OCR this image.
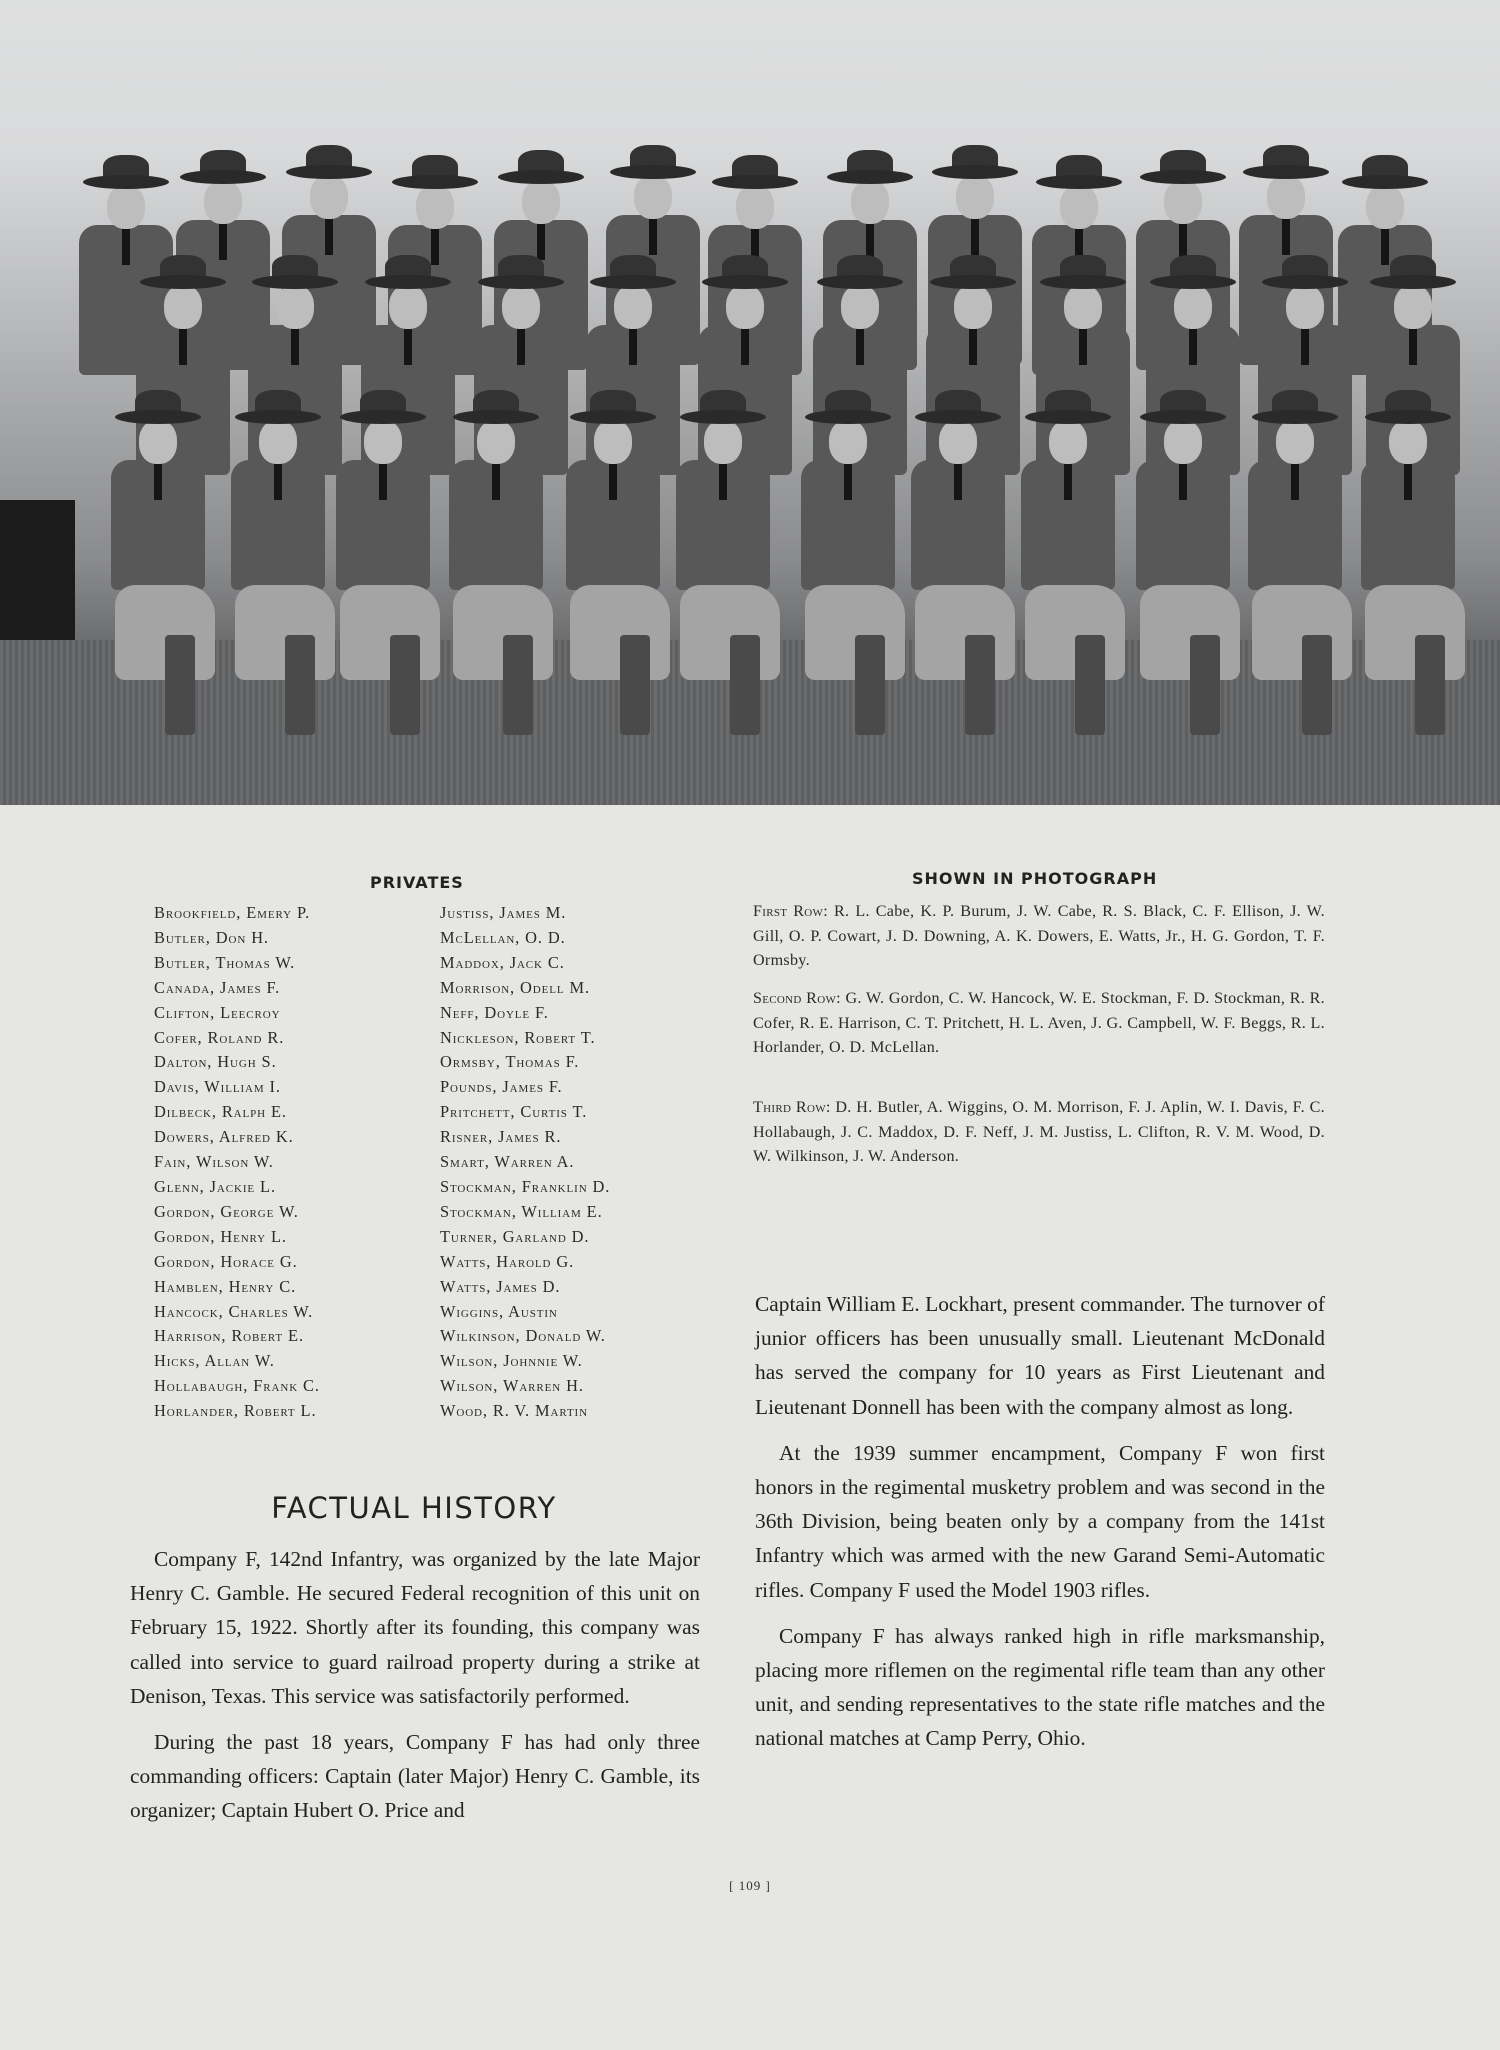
PRIVATES
Brookfield, Emery P.
Butler, Don H.
Butler, Thomas W.
Canada, James F.
Clifton, Leecroy
Cofer, Roland R.
Dalton, Hugh S.
Davis, William I.
Dilbeck, Ralph E.
Dowers, Alfred K.
Fain, Wilson W.
Glenn, Jackie L.
Gordon, George W.
Gordon, Henry L.
Gordon, Horace G.
Hamblen, Henry C.
Hancock, Charles W.
Harrison, Robert E.
Hicks, Allan W.
Hollabaugh, Frank C.
Horlander, Robert L.
Justiss, James M.
McLellan, O. D.
Maddox, Jack C.
Morrison, Odell M.
Neff, Doyle F.
Nickleson, Robert T.
Ormsby, Thomas F.
Pounds, James F.
Pritchett, Curtis T.
Risner, James R.
Smart, Warren A.
Stockman, Franklin D.
Stockman, William E.
Turner, Garland D.
Watts, Harold G.
Watts, James D.
Wiggins, Austin
Wilkinson, Donald W.
Wilson, Johnnie W.
Wilson, Warren H.
Wood, R. V. Martin
SHOWN IN PHOTOGRAPH
First Row: R. L. Cabe, K. P. Burum, J. W. Cabe, R. S. Black, C. F. Ellison, J. W. Gill, O. P. Cowart, J. D. Downing, A. K. Dowers, E. Watts, Jr., H. G. Gordon, T. F. Ormsby.
Second Row: G. W. Gordon, C. W. Hancock, W. E. Stockman, F. D. Stockman, R. R. Cofer, R. E. Harrison, C. T. Pritchett, H. L. Aven, J. G. Campbell, W. F. Beggs, R. L. Horlander, O. D. McLellan.
Third Row: D. H. Butler, A. Wiggins, O. M. Morrison, F. J. Aplin, W. I. Davis, F. C. Hollabaugh, J. C. Maddox, D. F. Neff, J. M. Justiss, L. Clifton, R. V. M. Wood, D. W. Wilkinson, J. W. Anderson.
FACTUAL HISTORY

Company F, 142nd Infantry, was organized by the late Major Henry C. Gamble. He secured Federal recognition of this unit on February 15, 1922. Shortly after its founding, this company was called into service to guard railroad property during a strike at Denison, Texas. This service was satisfactorily performed.

During the past 18 years, Company F has had only three commanding officers: Captain (later Major) Henry C. Gamble, its organizer; Captain Hubert O. Price and

Captain William E. Lockhart, present commander. The turnover of junior officers has been unusually small. Lieutenant McDonald has served the company for 10 years as First Lieutenant and Lieutenant Donnell has been with the company almost as long.

At the 1939 summer encampment, Company F won first honors in the regimental musketry problem and was second in the 36th Division, being beaten only by a company from the 141st Infantry which was armed with the new Garand Semi-Automatic rifles. Company F used the Model 1903 rifles.

Company F has always ranked high in rifle marksmanship, placing more riflemen on the regimental rifle team than any other unit, and sending representatives to the state rifle matches and the national matches at Camp Perry, Ohio.

[ 109 ]
